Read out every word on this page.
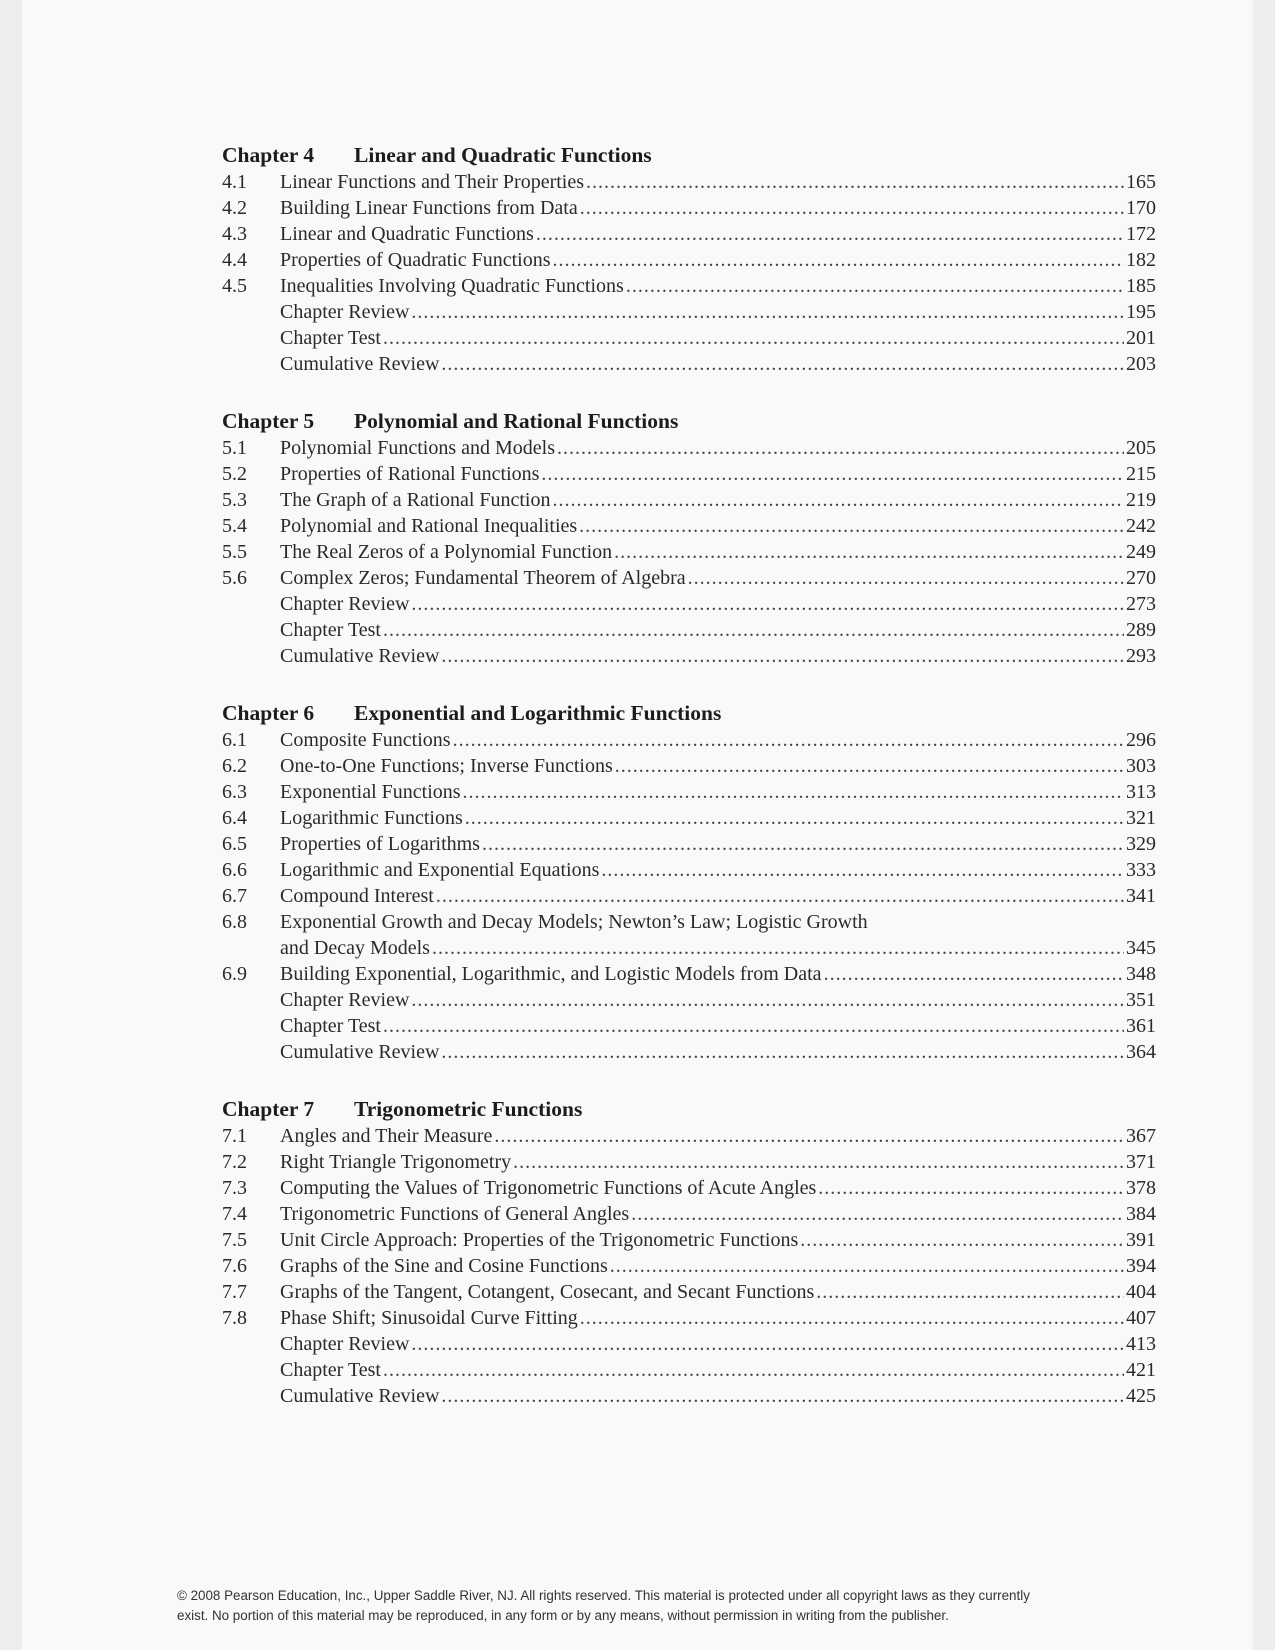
Chapter 4 Linear and Quadratic Functions
4.1	Linear Functions and Their Properties .....	165
4.2	Building Linear Functions from Data .....	170
4.3	Linear and Quadratic Functions .....	172
4.4	Properties of Quadratic Functions .....	182
4.5	Inequalities Involving Quadratic Functions .....	185
Chapter Review .....	195
Chapter Test .....	201
Cumulative Review .....	203
Chapter 5 Polynomial and Rational Functions
5.1	Polynomial Functions and Models .....	205
5.2	Properties of Rational Functions .....	215
5.3	The Graph of a Rational Function .....	219
5.4	Polynomial and Rational Inequalities .....	242
5.5	The Real Zeros of a Polynomial Function .....	249
5.6	Complex Zeros; Fundamental Theorem of Algebra .....	270
Chapter Review .....	273
Chapter Test .....	289
Cumulative Review .....	293
Chapter 6 Exponential and Logarithmic Functions
6.1	Composite Functions .....	296
6.2	One-to-One Functions; Inverse Functions .....	303
6.3	Exponential Functions .....	313
6.4	Logarithmic Functions .....	321
6.5	Properties of Logarithms .....	329
6.6	Logarithmic and Exponential Equations .....	333
6.7	Compound Interest .....	341
6.8	Exponential Growth and Decay Models; Newton’s Law; Logistic Growth
and Decay Models .....	345
6.9	Building Exponential, Logarithmic, and Logistic Models from Data .....	348
Chapter Review .....	351
Chapter Test .....	361
Cumulative Review .....	364
Chapter 7 Trigonometric Functions
7.1	Angles and Their Measure .....	367
7.2	Right Triangle Trigonometry .....	371
7.3	Computing the Values of Trigonometric Functions of Acute Angles .....	378
7.4	Trigonometric Functions of General Angles .....	384
7.5	Unit Circle Approach: Properties of the Trigonometric Functions .....	391
7.6	Graphs of the Sine and Cosine Functions .....	394
7.7	Graphs of the Tangent, Cotangent, Cosecant, and Secant Functions .....	404
7.8	Phase Shift; Sinusoidal Curve Fitting .....	407
Chapter Review .....	413
Chapter Test .....	421
Cumulative Review .....	425
© 2008 Pearson Education, Inc., Upper Saddle River, NJ. All rights reserved. This material is protected under all copyright laws as they currently
exist. No portion of this material may be reproduced, in any form or by any means, without permission in writing from the publisher.
